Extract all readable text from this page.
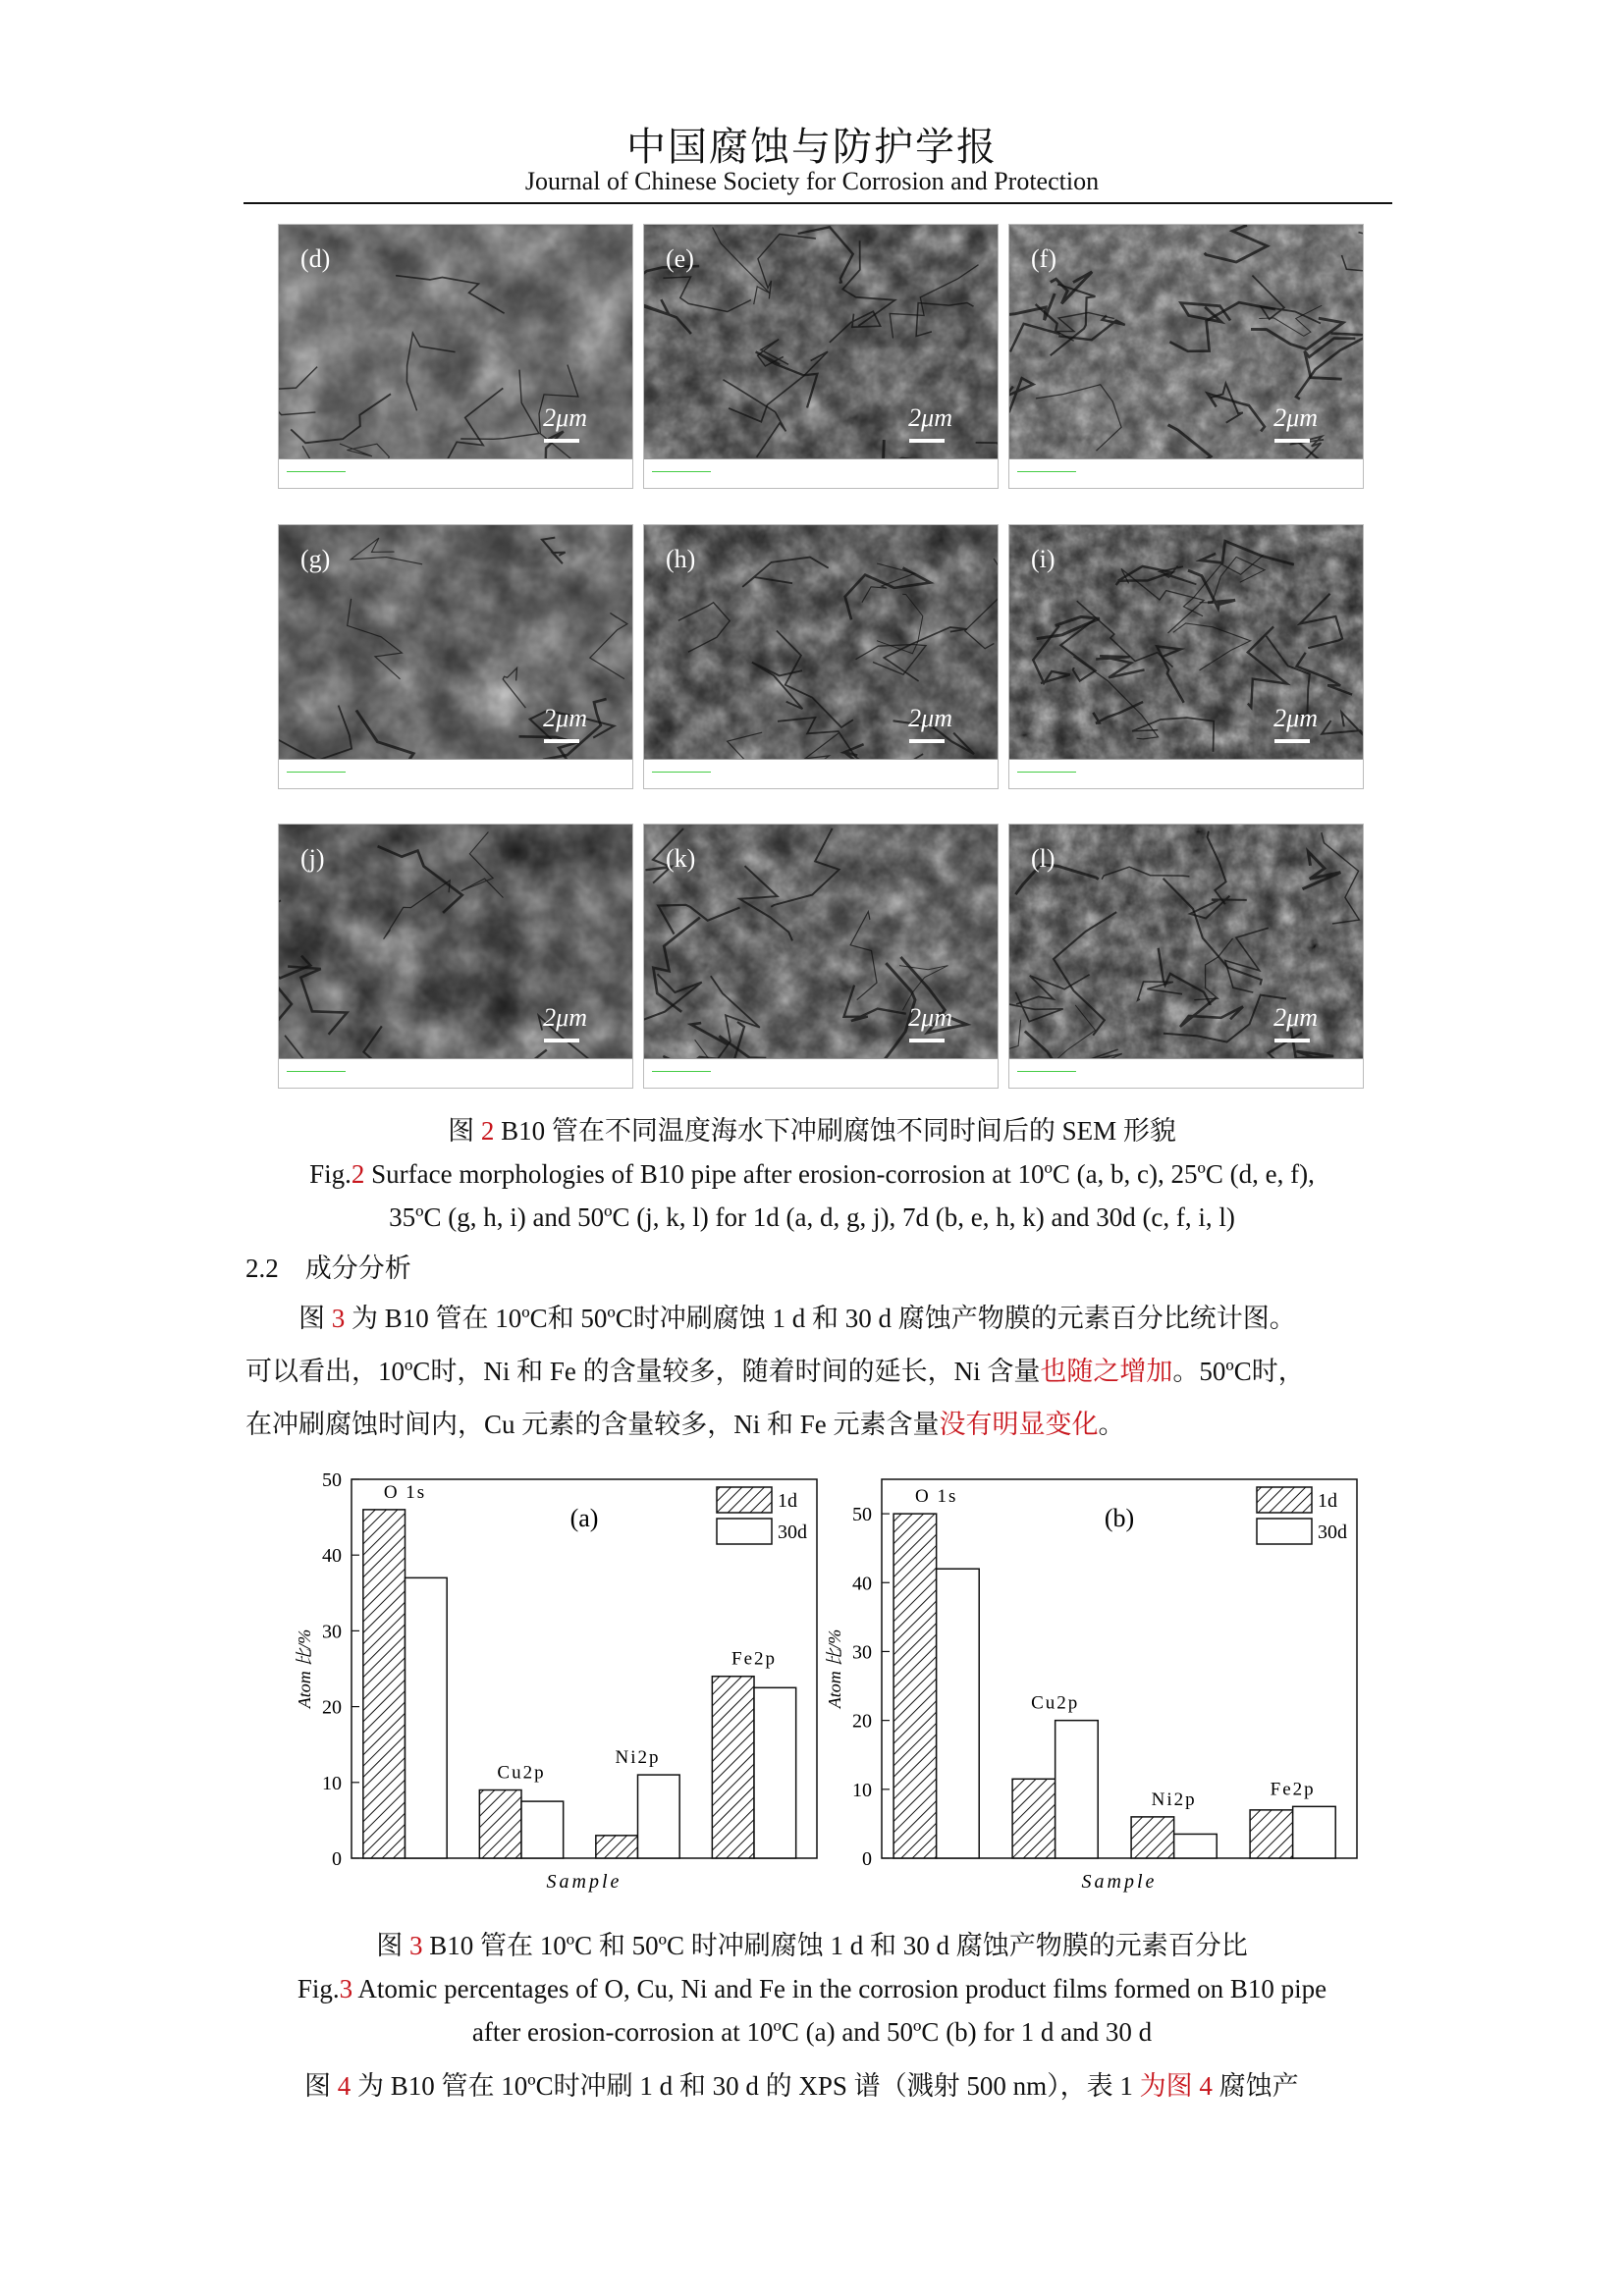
中国腐蚀与防护学报
Journal of Chinese Society for Corrosion and Protection
(d)
2μm
(e)
2μm
(f)
2μm
(g)
2μm
(h)
2μm
(i)
2μm
(j)
2μm
(k)
2μm
(l)
2μm
图 2 B10 管在不同温度海水下冲刷腐蚀不同时间后的 SEM 形貌
Fig.2 Surface morphologies of B10 pipe after erosion-corrosion at 10ºC (a, b, c), 25ºC (d, e, f),
35ºC (g, h, i) and 50ºC (j, k, l) for 1d (a, d, g, j), 7d (b, e, h, k) and 30d (c, f, i, l)
2.2    成分分析
图 3 为 B10 管在 10ºC和 50ºC时冲刷腐蚀 1 d 和 30 d 腐蚀产物膜的元素百分比统计图。
可以看出，10ºC时，Ni 和 Fe 的含量较多，随着时间的延长，Ni 含量也随之增加。50ºC时，
在冲刷腐蚀时间内，Cu 元素的含量较多，Ni 和 Fe 元素含量没有明显变化。
0
10
20
30
40
50
O 1s
Cu2p
Ni2p
Fe2p
(a)
1d
30d
Sample
Atom 比/%
0
10
20
30
40
50
O 1s
Cu2p
Ni2p
Fe2p
(b)
1d
30d
Sample
Atom 比/%
图 3 B10 管在 10ºC 和 50ºC 时冲刷腐蚀 1 d 和 30 d 腐蚀产物膜的元素百分比
Fig.3 Atomic percentages of O, Cu, Ni and Fe in the corrosion product films formed on B10 pipe
after erosion-corrosion at 10ºC (a) and 50ºC (b) for 1 d and 30 d
图 4 为 B10 管在 10ºC时冲刷 1 d 和 30 d 的 XPS 谱（溅射 500 nm），表 1 为图 4 腐蚀产
